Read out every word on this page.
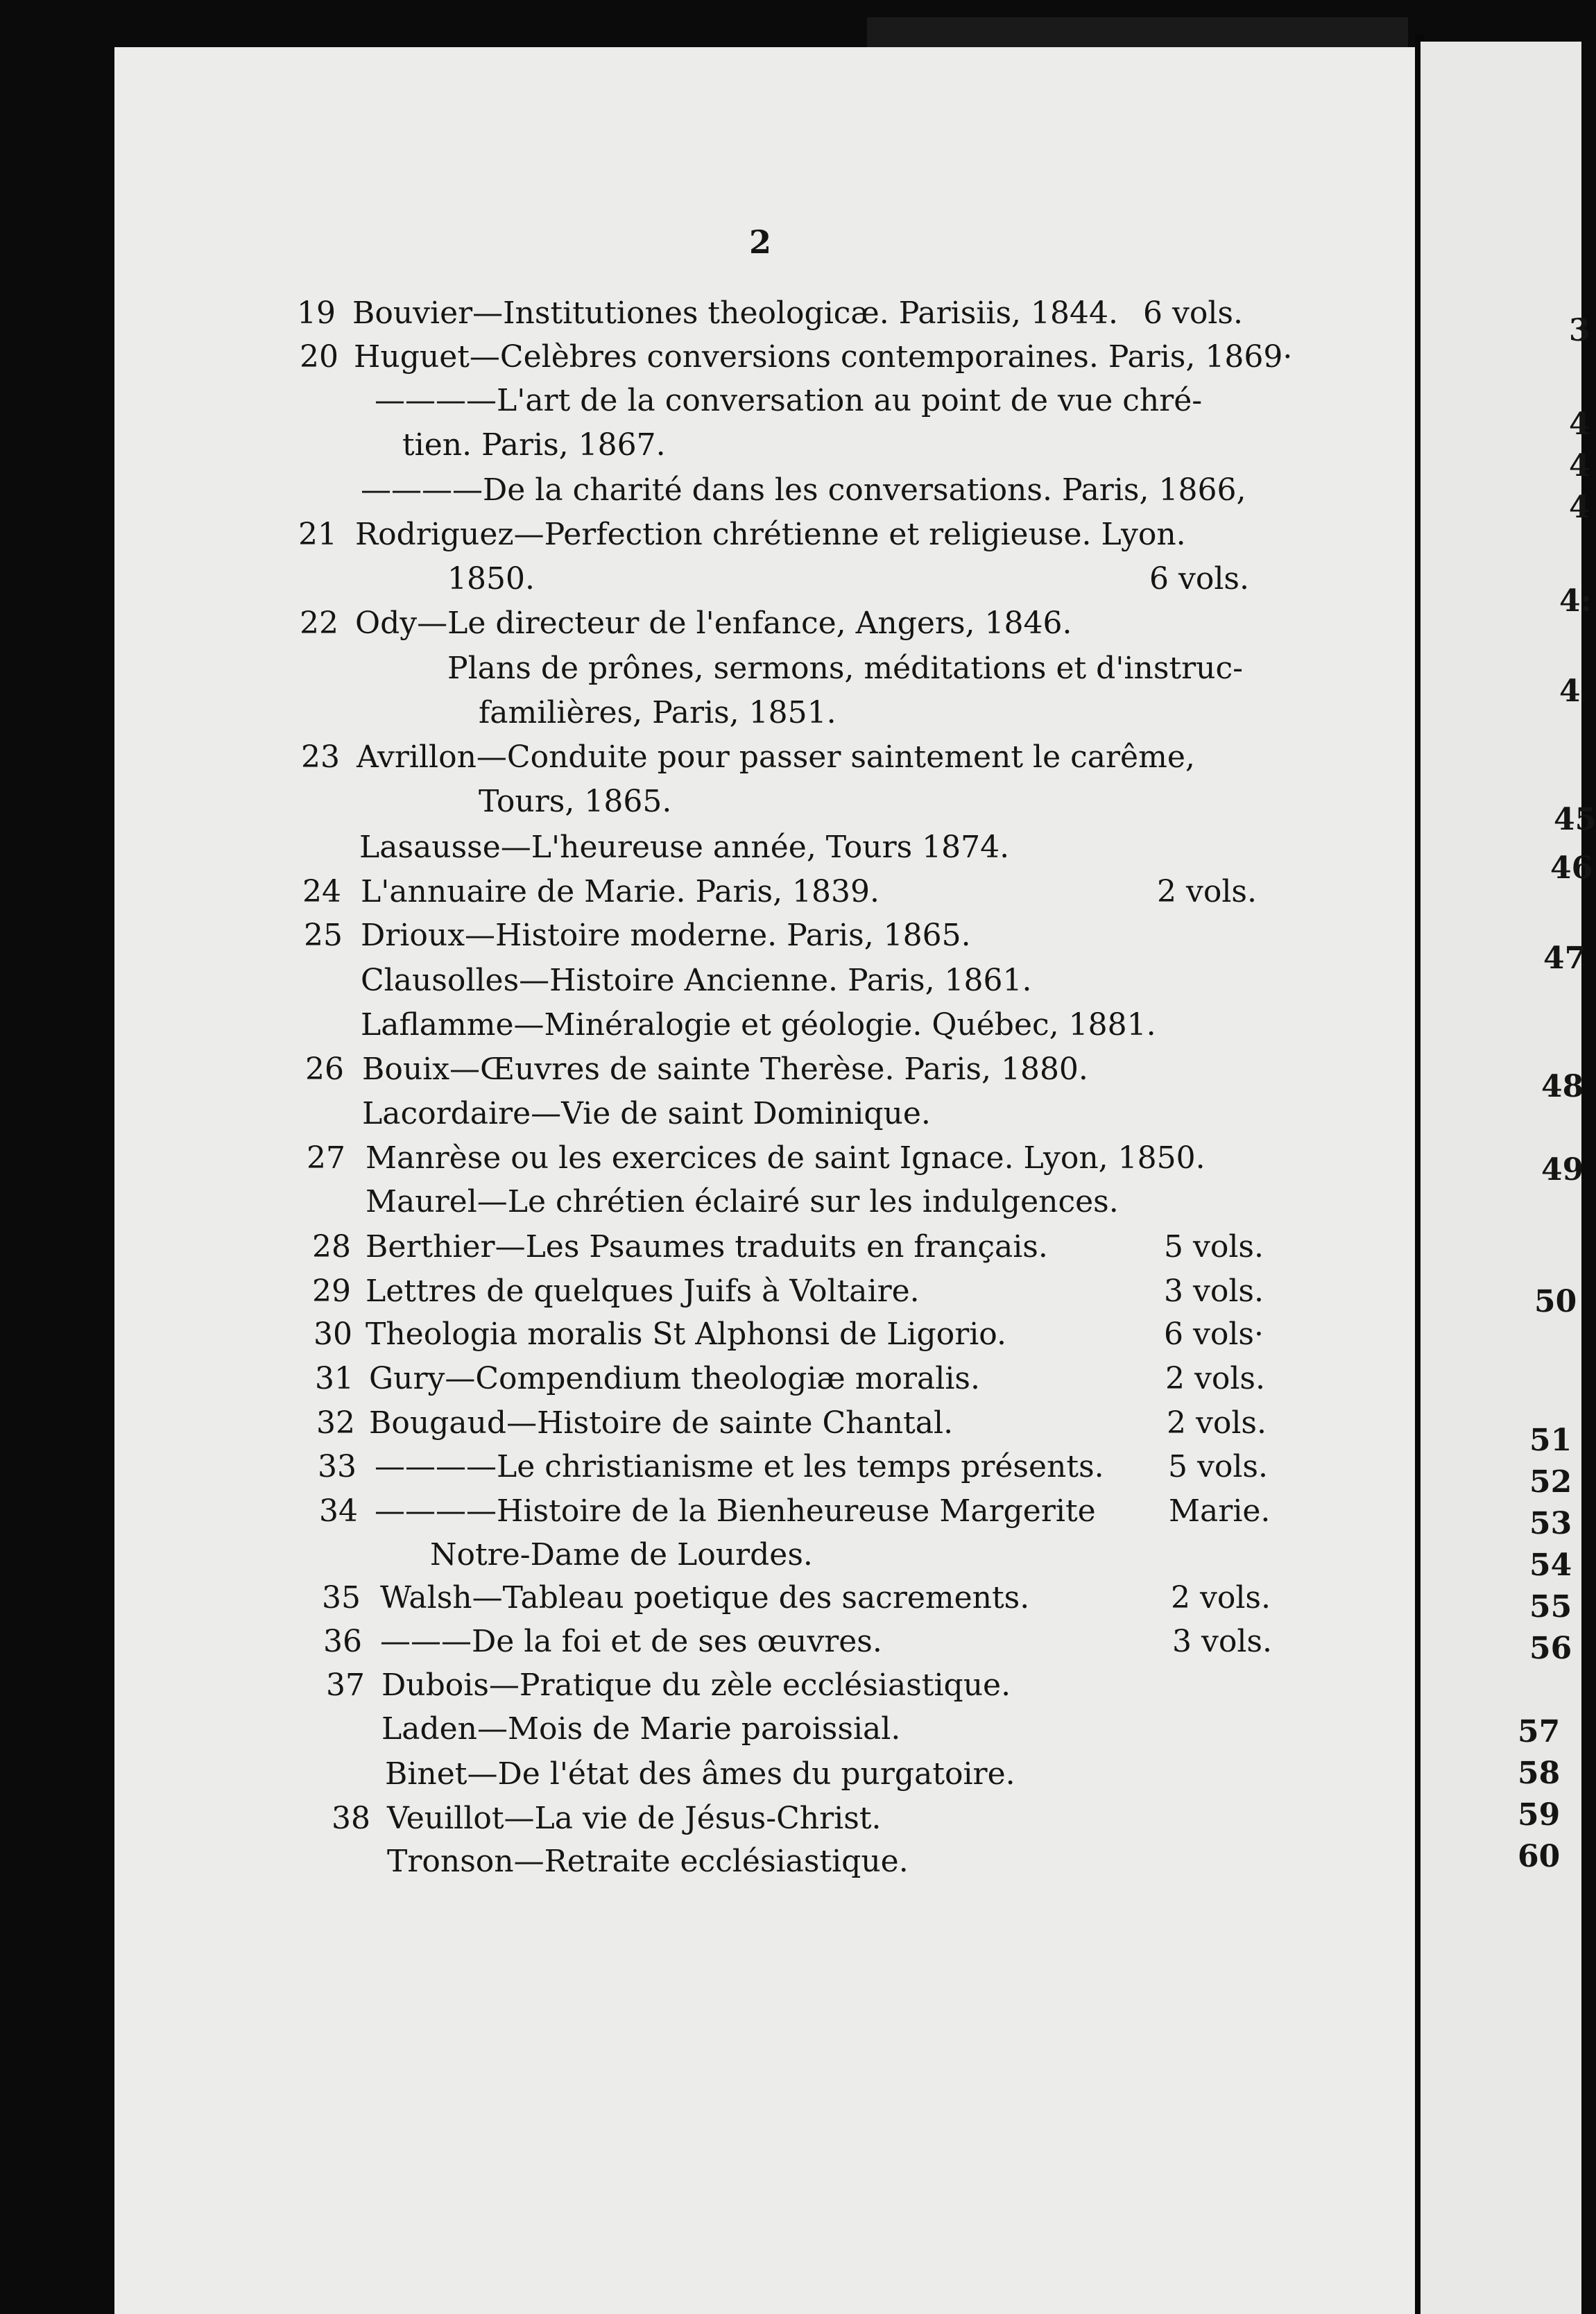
2
19 Bouvier—Institutiones theologicæ. Parisiis, 1844. 6 vols.
20 Huguet—Celèbres conversions contemporaines. Paris, 1869·
————L'art de la conversation au point de vue chré-
tien. Paris, 1867.
————De la charité dans les conversations. Paris, 1866,
21 Rodriguez—Perfection chrétienne et religieuse. Lyon.
1850.	6 vols.
22 Ody—Le directeur de l'enfance, Angers, 1846.
Plans de prônes, sermons, méditations et d'instruc-
familières, Paris, 1851.
23 Avrillon—Conduite pour passer saintement le carême,
Tours, 1865.
Lasausse—L'heureuse année, Tours 1874.
24 L'annuaire de Marie. Paris, 1839.	2 vols.
25 Drioux—Histoire moderne. Paris, 1865.
Clausolles—Histoire Ancienne. Paris, 1861.
Laflamme—Minéralogie et géologie. Québec, 1881.
26 Bouix—Œuvres de sainte Therèse. Paris, 1880.
Lacordaire—Vie de saint Dominique.
27 Manrèse ou les exercices de saint Ignace. Lyon, 1850.
Maurel—Le chrétien éclairé sur les indulgences.
28 Berthier—Les Psaumes traduits en français.	5 vols.
29 Lettres de quelques Juifs à Voltaire.	3 vols.
30 Theologia moralis St Alphonsi de Ligorio.	6 vols·
31 Gury—Compendium theologiæ moralis.	2 vols.
32 Bougaud—Histoire de sainte Chantal.	2 vols.
33 ————Le christianisme et les temps présents. 5 vols.
34 ————Histoire de la Bienheureuse Margerite Marie.
Notre-Dame de Lourdes.
35 Walsh—Tableau poetique des sacrements.	2 vols.
36 ———De la foi et de ses œuvres.	3 vols.
37 Dubois—Pratique du zèle ecclésiastique.
Laden—Mois de Marie paroissial.
Binet—De l'état des âmes du purgatoire.
38 Veuillot—La vie de Jésus-Christ.
Tronson—Retraite ecclésiastique.
3
4
4
4
4:
4
45
46
47
48
49
50
51
52
53
54
55
56
57
58
59
60
